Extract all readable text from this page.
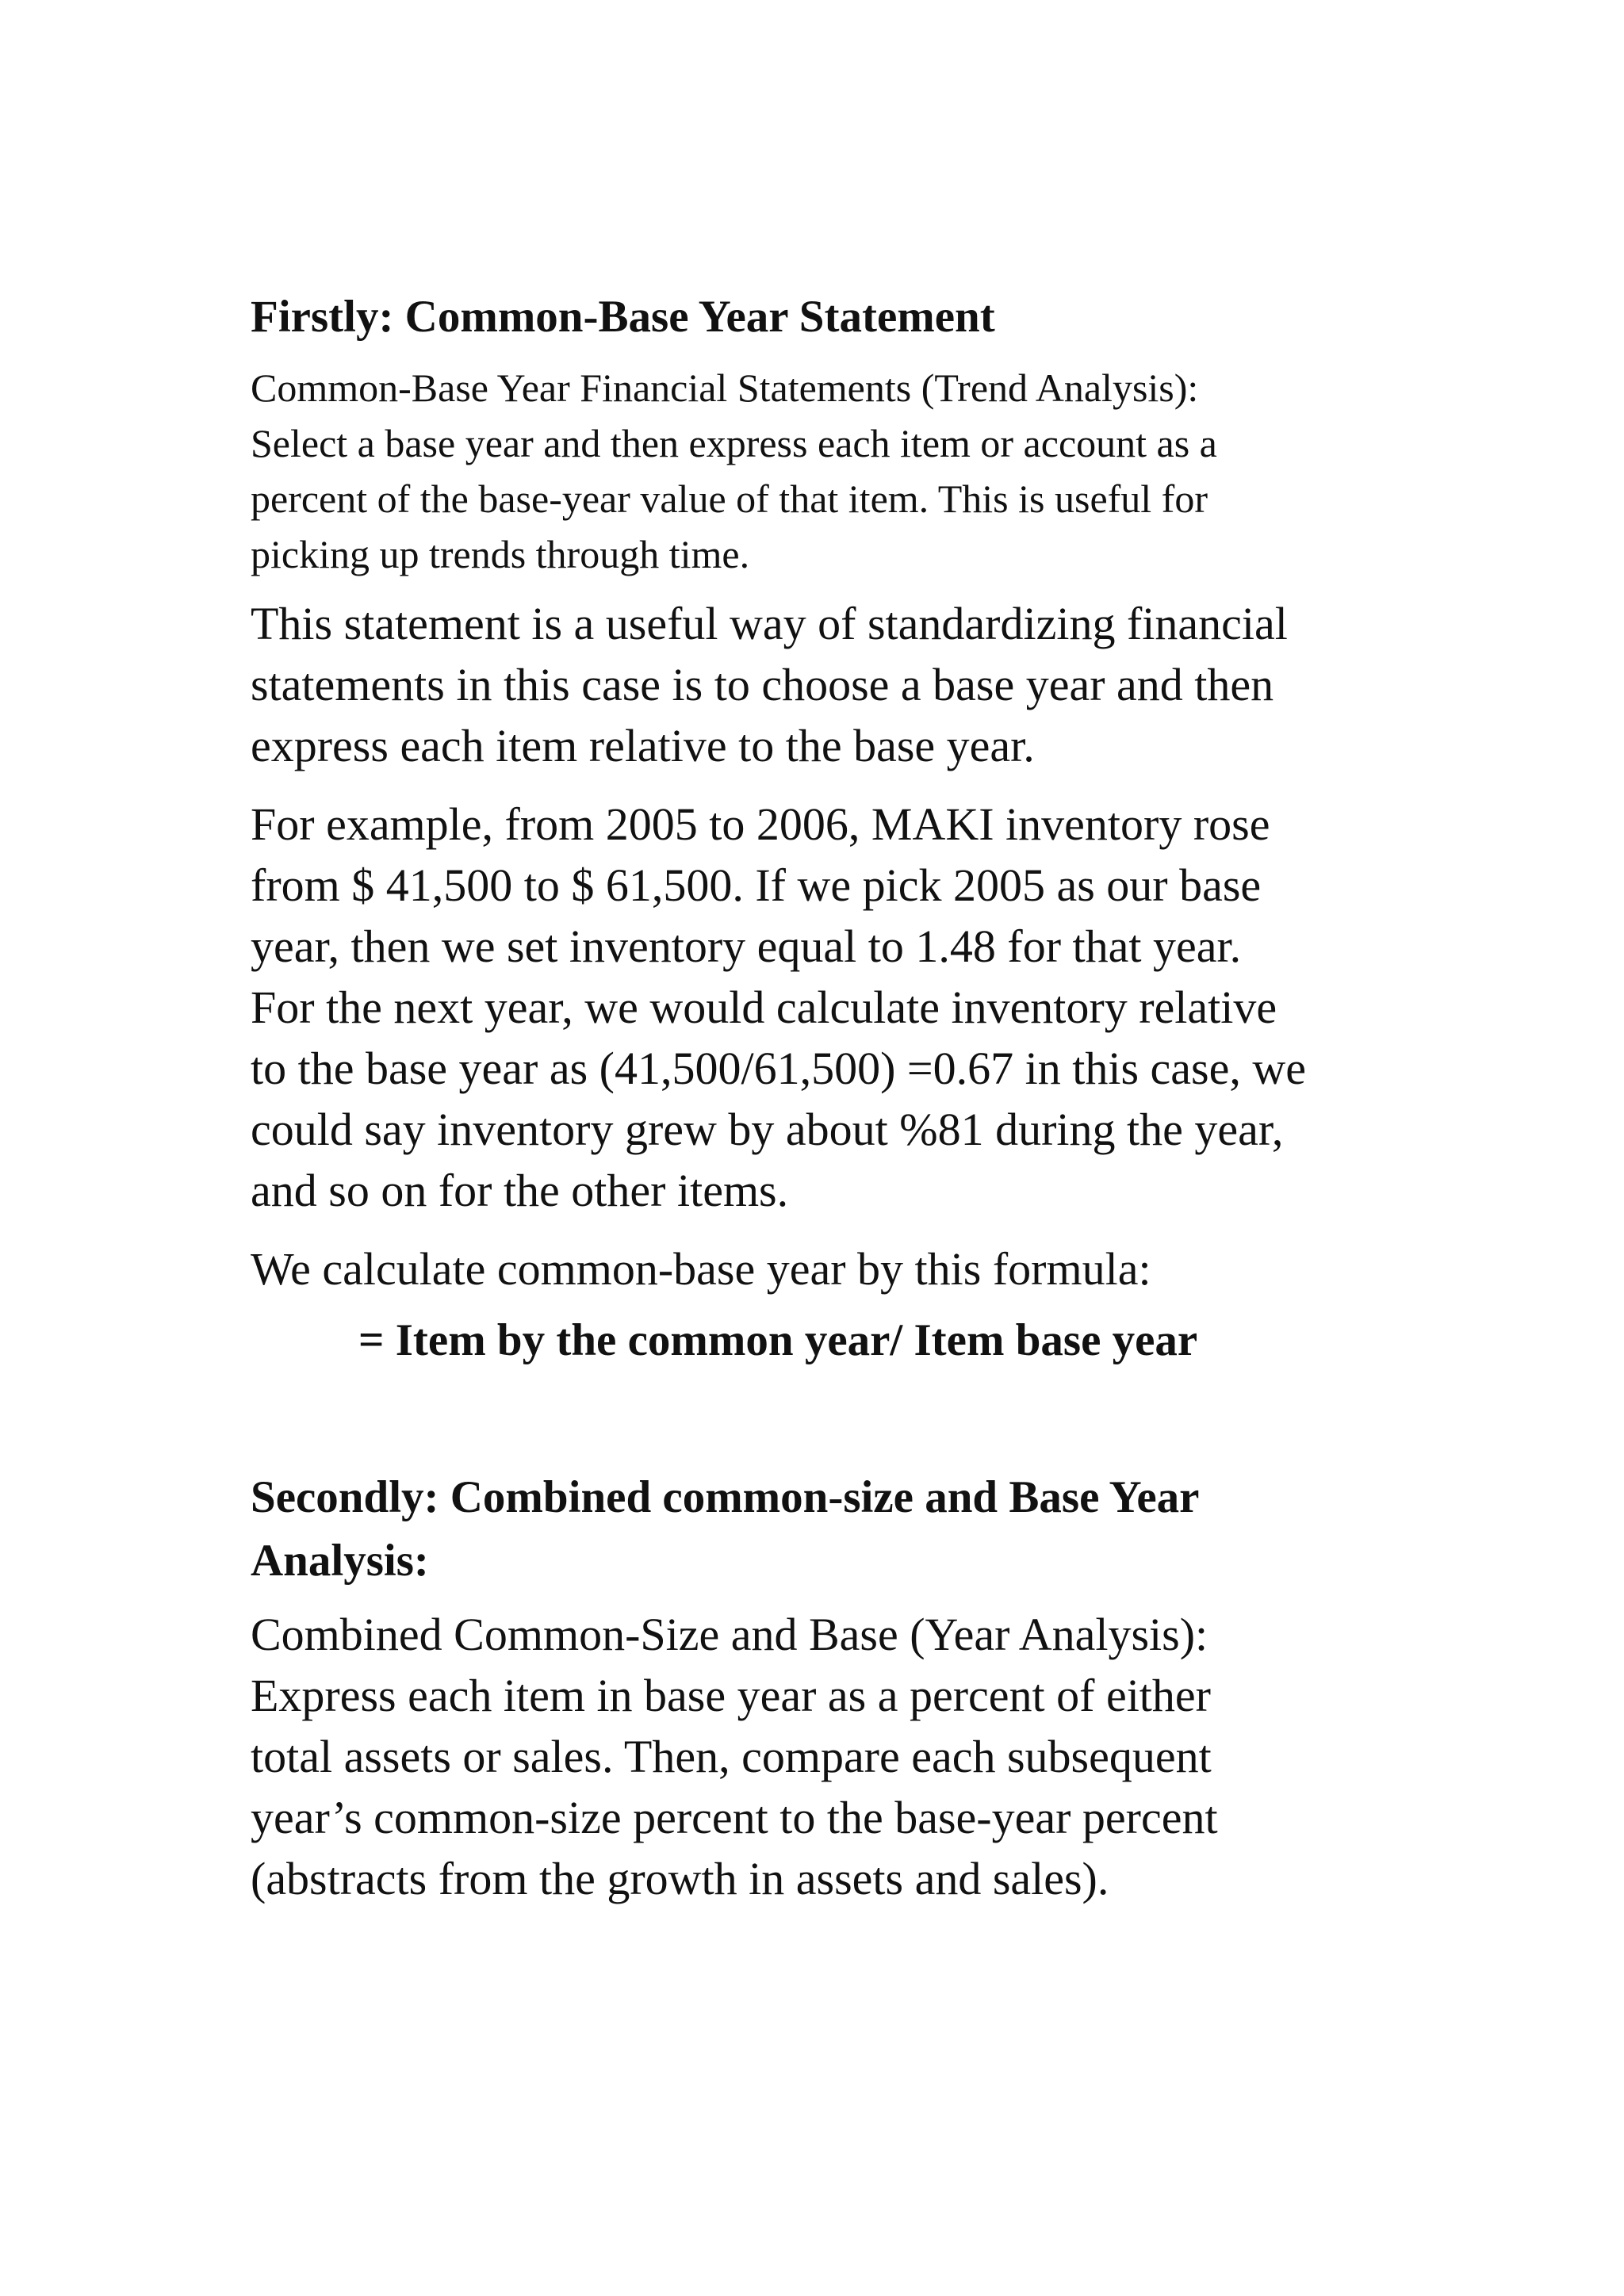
Firstly: Common-Base Year Statement

Common-Base Year Financial Statements (Trend Analysis):
Select a base year and then express each item or account as a
percent of the base-year value of that item. This is useful for
picking up trends through time.

This statement is a useful way of standardizing financial
statements in this case is to choose a base year and then
express each item relative to the base year.

For example, from 2005 to 2006, MAKI inventory rose
from $ 41,500 to $ 61,500. If we pick 2005 as our base
year, then we set inventory equal to 1.48 for that year.
For the next year, we would calculate inventory relative
to the base year as (41,500/61,500) =0.67 in this case, we
could say inventory grew by about %81 during the year,
and so on for the other items.

We calculate common-base year by this formula:

= Item by the common year/ Item base year

Secondly: Combined common-size and Base Year
Analysis:

Combined Common-Size and Base (Year Analysis):
Express each item in base year as a percent of either
total assets or sales. Then, compare each subsequent
year’s common-size percent to the base-year percent
(abstracts from the growth in assets and sales).
